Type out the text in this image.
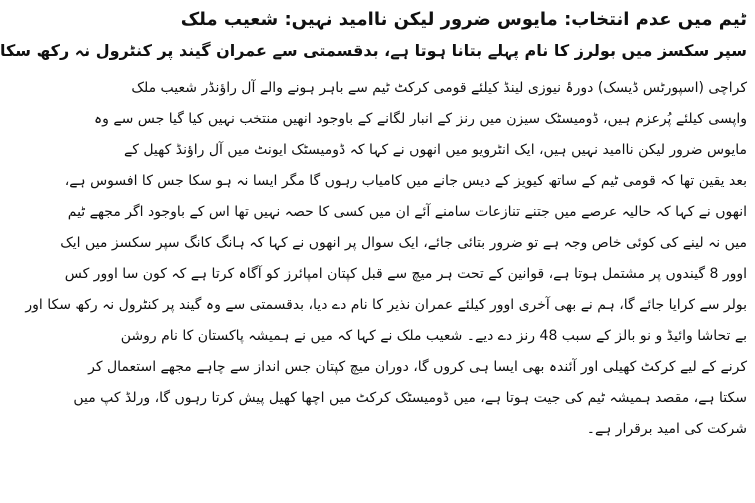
ٹیم میں عدم انتخاب: مایوس ضرور لیکن ناامید نہیں: شعیب ملک
سپر سکسز میں بولرز کا نام پہلے بتانا ہوتا ہے، بدقسمتی سے عمران گیند پر کنٹرول نہ رکھ سکا
کراچی (اسپورٹس ڈیسک) دورۂ نیوزی لینڈ کیلئے قومی کرکٹ ٹیم سے باہر ہونے والے آل راؤنڈر شعیب ملک
واپسی کیلئے پُرعزم ہیں، ڈومیسٹک سیزن میں رنز کے انبار لگانے کے باوجود انھیں منتخب نہیں کیا گیا جس سے وہ
مایوس ضرور لیکن ناامید نہیں ہیں، ایک انٹرویو میں انھوں نے کہا کہ ڈومیسٹک ایونٹ میں آل راؤنڈ کھیل کے
بعد یقین تھا کہ قومی ٹیم کے ساتھ کیویز کے دیس جانے میں کامیاب رہوں گا مگر ایسا نہ ہو سکا جس کا افسوس ہے،
انھوں نے کہا کہ حالیہ عرصے میں جتنے تنازعات سامنے آئے ان میں کسی کا حصہ نہیں تھا اس کے باوجود اگر مجھے ٹیم
میں نہ لینے کی کوئی خاص وجہ ہے تو ضرور بتائی جائے، ایک سوال پر انھوں نے کہا کہ ہانگ کانگ سپر سکسز میں ایک
اوور 8 گیندوں پر مشتمل ہوتا ہے، قوانین کے تحت ہر میچ سے قبل کپتان امپائرز کو آگاہ کرتا ہے کہ کون سا اوور کس
بولر سے کرایا جائے گا، ہم نے بھی آخری اوور کیلئے عمران نذیر کا نام دے دیا، بدقسمتی سے وہ گیند پر کنٹرول نہ رکھ سکا اور
بے تحاشا وائیڈ و نو بالز کے سبب 48 رنز دے دیے۔ شعیب ملک نے کہا کہ میں نے ہمیشہ پاکستان کا نام روشن
کرنے کے لیے کرکٹ کھیلی اور آئندہ بھی ایسا ہی کروں گا، دوران میچ کپتان جس انداز سے چاہے مجھے استعمال کر
سکتا ہے، مقصد ہمیشہ ٹیم کی جیت ہوتا ہے، میں ڈومیسٹک کرکٹ میں اچھا کھیل پیش کرتا رہوں گا، ورلڈ کپ میں
شرکت کی امید برقرار ہے۔
